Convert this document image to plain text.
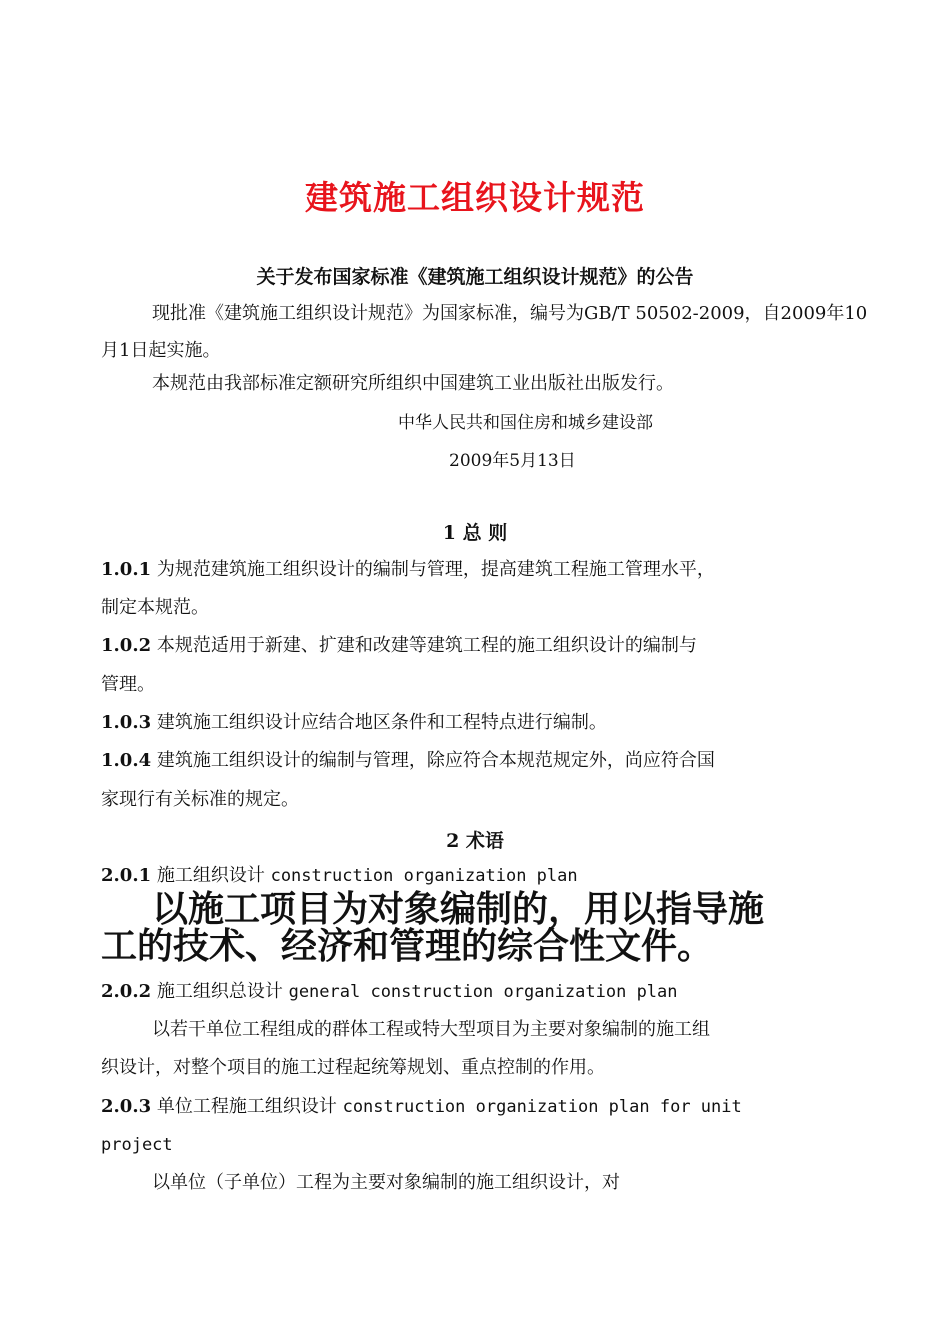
建筑施工组织设计规范
关于发布国家标准《建筑施工组织设计规范》的公告
现批准《建筑施工组织设计规范》为国家标准，编号为GB/T 50502-2009，自2009年10
月1日起实施。
本规范由我部标准定额研究所组织中国建筑工业出版社出版发行。
中华人民共和国住房和城乡建设部
2009年5月13日
1 总 则
1.0.1 为规范建筑施工组织设计的编制与管理，提高建筑工程施工管理水平，
制定本规范。
1.0.2 本规范适用于新建、扩建和改建等建筑工程的施工组织设计的编制与
管理。
1.0.3 建筑施工组织设计应结合地区条件和工程特点进行编制。
1.0.4 建筑施工组织设计的编制与管理，除应符合本规范规定外，尚应符合国
家现行有关标准的规定。
2 术语
2.0.1 施工组织设计 construction organization plan
以施工项目为对象编制的，用以指导施
工的技术、经济和管理的综合性文件。
2.0.2 施工组织总设计 general construction organization plan
以若干单位工程组成的群体工程或特大型项目为主要对象编制的施工组
织设计，对整个项目的施工过程起统筹规划、重点控制的作用。
2.0.3 单位工程施工组织设计 construction organization plan for unit
project
以单位（子单位）工程为主要对象编制的施工组织设计，对
